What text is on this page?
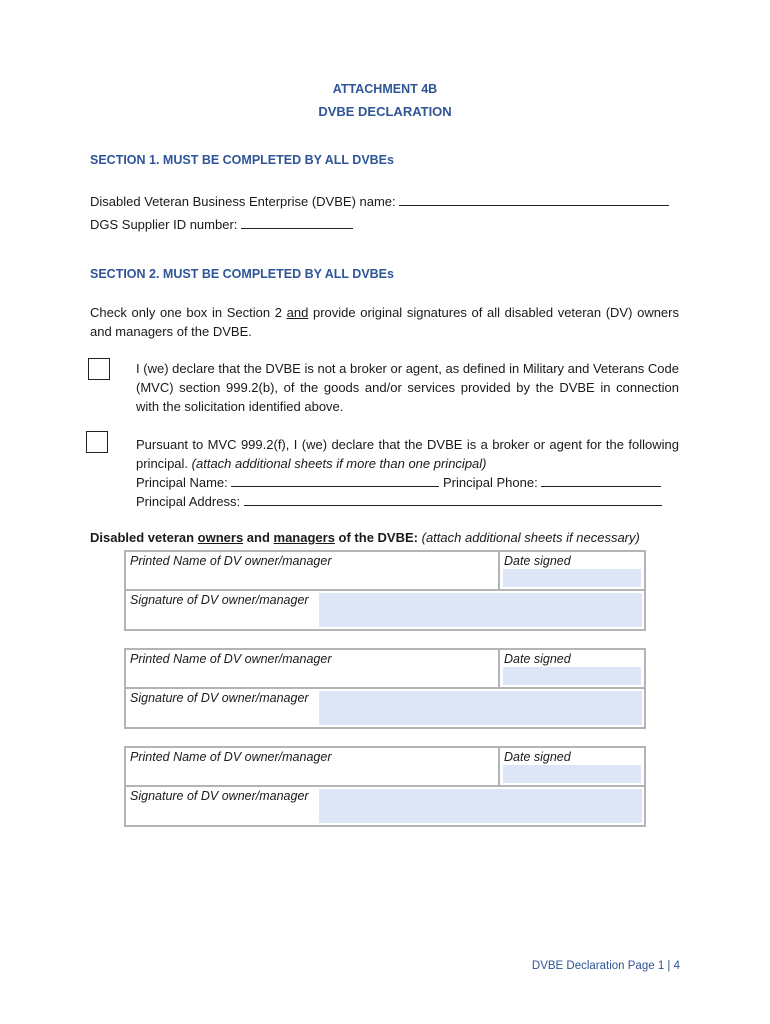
ATTACHMENT 4B
DVBE DECLARATION
SECTION 1. MUST BE COMPLETED BY ALL DVBEs
Disabled Veteran Business Enterprise (DVBE) name:
DGS Supplier ID number:
SECTION 2. MUST BE COMPLETED BY ALL DVBEs
Check only one box in Section 2 and provide original signatures of all disabled veteran (DV) owners and managers of the DVBE.
I (we) declare that the DVBE is not a broker or agent, as defined in Military and Veterans Code (MVC) section 999.2(b), of the goods and/or services provided by the DVBE in connection with the solicitation identified above.
Pursuant to MVC 999.2(f), I (we) declare that the DVBE is a broker or agent for the following principal. (attach additional sheets if more than one principal)
Principal Name:	Principal Phone:
Principal Address:
Disabled veteran owners and managers of the DVBE: (attach additional sheets if necessary)
Printed Name of DV owner/manager	Date signed
Signature of DV owner/manager
Printed Name of DV owner/manager	Date signed
Signature of DV owner/manager
Printed Name of DV owner/manager	Date signed
Signature of DV owner/manager
DVBE Declaration Page 1 | 4
